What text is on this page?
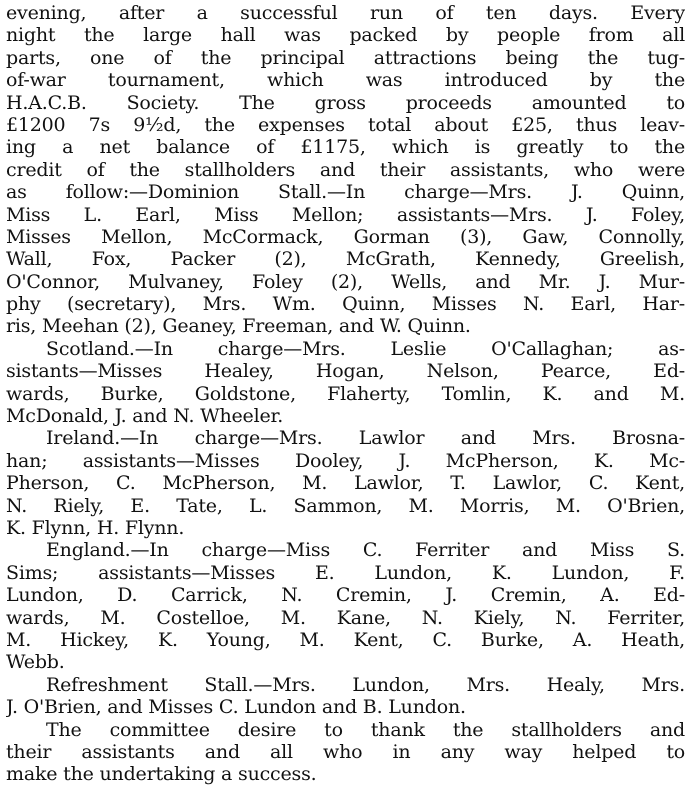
evening, after a successful run of ten days. Every
night the large hall was packed by people from all
parts, one of the principal attractions being the tug-
of-war tournament, which was introduced by the
H.A.C.B. Society. The gross proceeds amounted to
£1200 7s 9½d, the expenses total about £25, thus leav-
ing a net balance of £1175, which is greatly to the
credit of the stallholders and their assistants, who were
as follow:—Dominion Stall.—In charge—Mrs. J. Quinn,
Miss L. Earl, Miss Mellon; assistants—Mrs. J. Foley,
Misses Mellon, McCormack, Gorman (3), Gaw, Connolly,
Wall, Fox, Packer (2), McGrath, Kennedy, Greelish,
O'Connor, Mulvaney, Foley (2), Wells, and Mr. J. Mur-
phy (secretary), Mrs. Wm. Quinn, Misses N. Earl, Har-
ris, Meehan (2), Geaney, Freeman, and W. Quinn.
Scotland.—In charge—Mrs. Leslie O'Callaghan; as-
sistants—Misses Healey, Hogan, Nelson, Pearce, Ed-
wards, Burke, Goldstone, Flaherty, Tomlin, K. and M.
McDonald, J. and N. Wheeler.
Ireland.—In charge—Mrs. Lawlor and Mrs. Brosna-
han; assistants—Misses Dooley, J. McPherson, K. Mc-
Pherson, C. McPherson, M. Lawlor, T. Lawlor, C. Kent,
N. Riely, E. Tate, L. Sammon, M. Morris, M. O'Brien,
K. Flynn, H. Flynn.
England.—In charge—Miss C. Ferriter and Miss S.
Sims; assistants—Misses E. Lundon, K. Lundon, F.
Lundon, D. Carrick, N. Cremin, J. Cremin, A. Ed-
wards, M. Costelloe, M. Kane, N. Kiely, N. Ferriter,
M. Hickey, K. Young, M. Kent, C. Burke, A. Heath,
Webb.
Refreshment Stall.—Mrs. Lundon, Mrs. Healy, Mrs.
J. O'Brien, and Misses C. Lundon and B. Lundon.
The committee desire to thank the stallholders and
their assistants and all who in any way helped to
make the undertaking a success.
